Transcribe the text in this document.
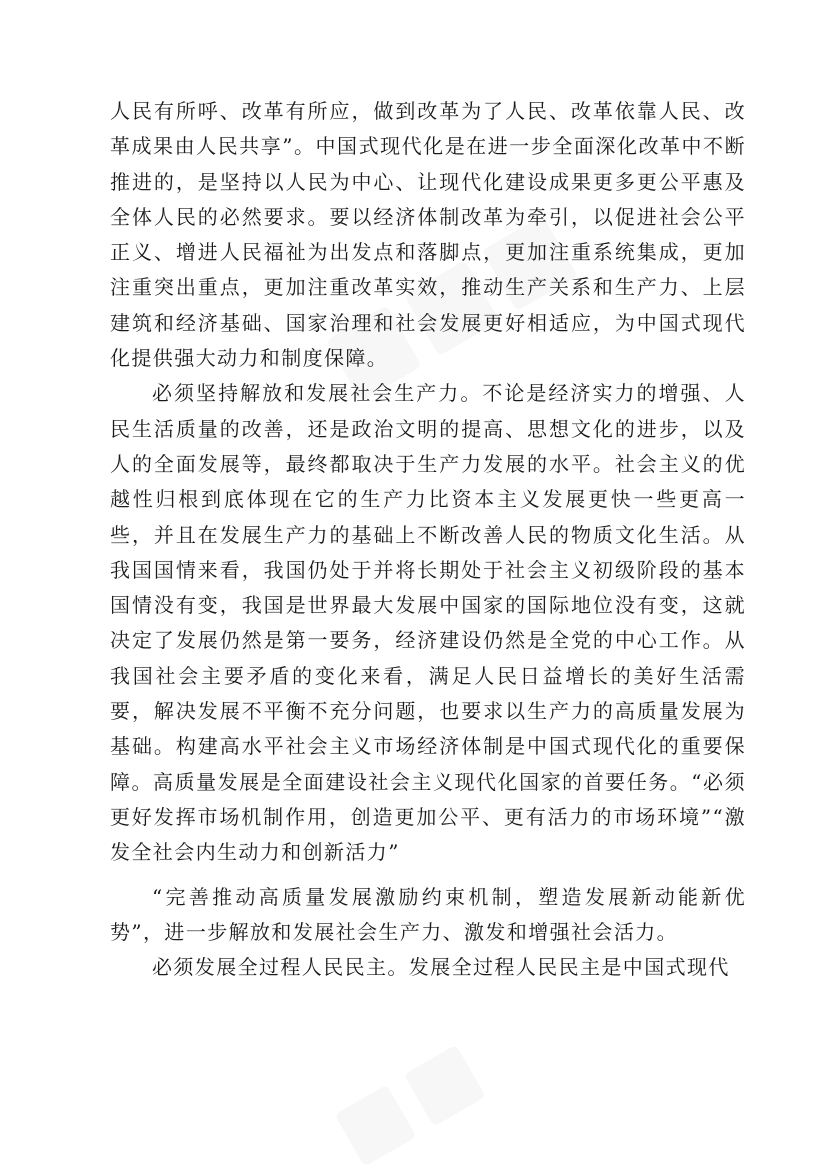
人民有所呼、改革有所应，做到改革为了人民、改革依靠人民、改革成果由人民共享”。中国式现代化是在进一步全面深化改革中不断推进的，是坚持以人民为中心、让现代化建设成果更多更公平惠及全体人民的必然要求。要以经济体制改革为牵引，以促进社会公平正义、增进人民福祉为出发点和落脚点，更加注重系统集成，更加注重突出重点，更加注重改革实效，推动生产关系和生产力、上层建筑和经济基础、国家治理和社会发展更好相适应，为中国式现代化提供强大动力和制度保障。

必须坚持解放和发展社会生产力。不论是经济实力的增强、人民生活质量的改善，还是政治文明的提高、思想文化的进步，以及人的全面发展等，最终都取决于生产力发展的水平。社会主义的优越性归根到底体现在它的生产力比资本主义发展更快一些更高一些，并且在发展生产力的基础上不断改善人民的物质文化生活。从我国国情来看，我国仍处于并将长期处于社会主义初级阶段的基本国情没有变，我国是世界最大发展中国家的国际地位没有变，这就决定了发展仍然是第一要务，经济建设仍然是全党的中心工作。从我国社会主要矛盾的变化来看，满足人民日益增长的美好生活需要，解决发展不平衡不充分问题，也要求以生产力的高质量发展为基础。构建高水平社会主义市场经济体制是中国式现代化的重要保障。高质量发展是全面建设社会主义现代化国家的首要任务。“必须更好发挥市场机制作用，创造更加公平、更有活力的市场环境”“激发全社会内生动力和创新活力”

“完善推动高质量发展激励约束机制，塑造发展新动能新优势”，进一步解放和发展社会生产力、激发和增强社会活力。

必须发展全过程人民民主。发展全过程人民民主是中国式现代
